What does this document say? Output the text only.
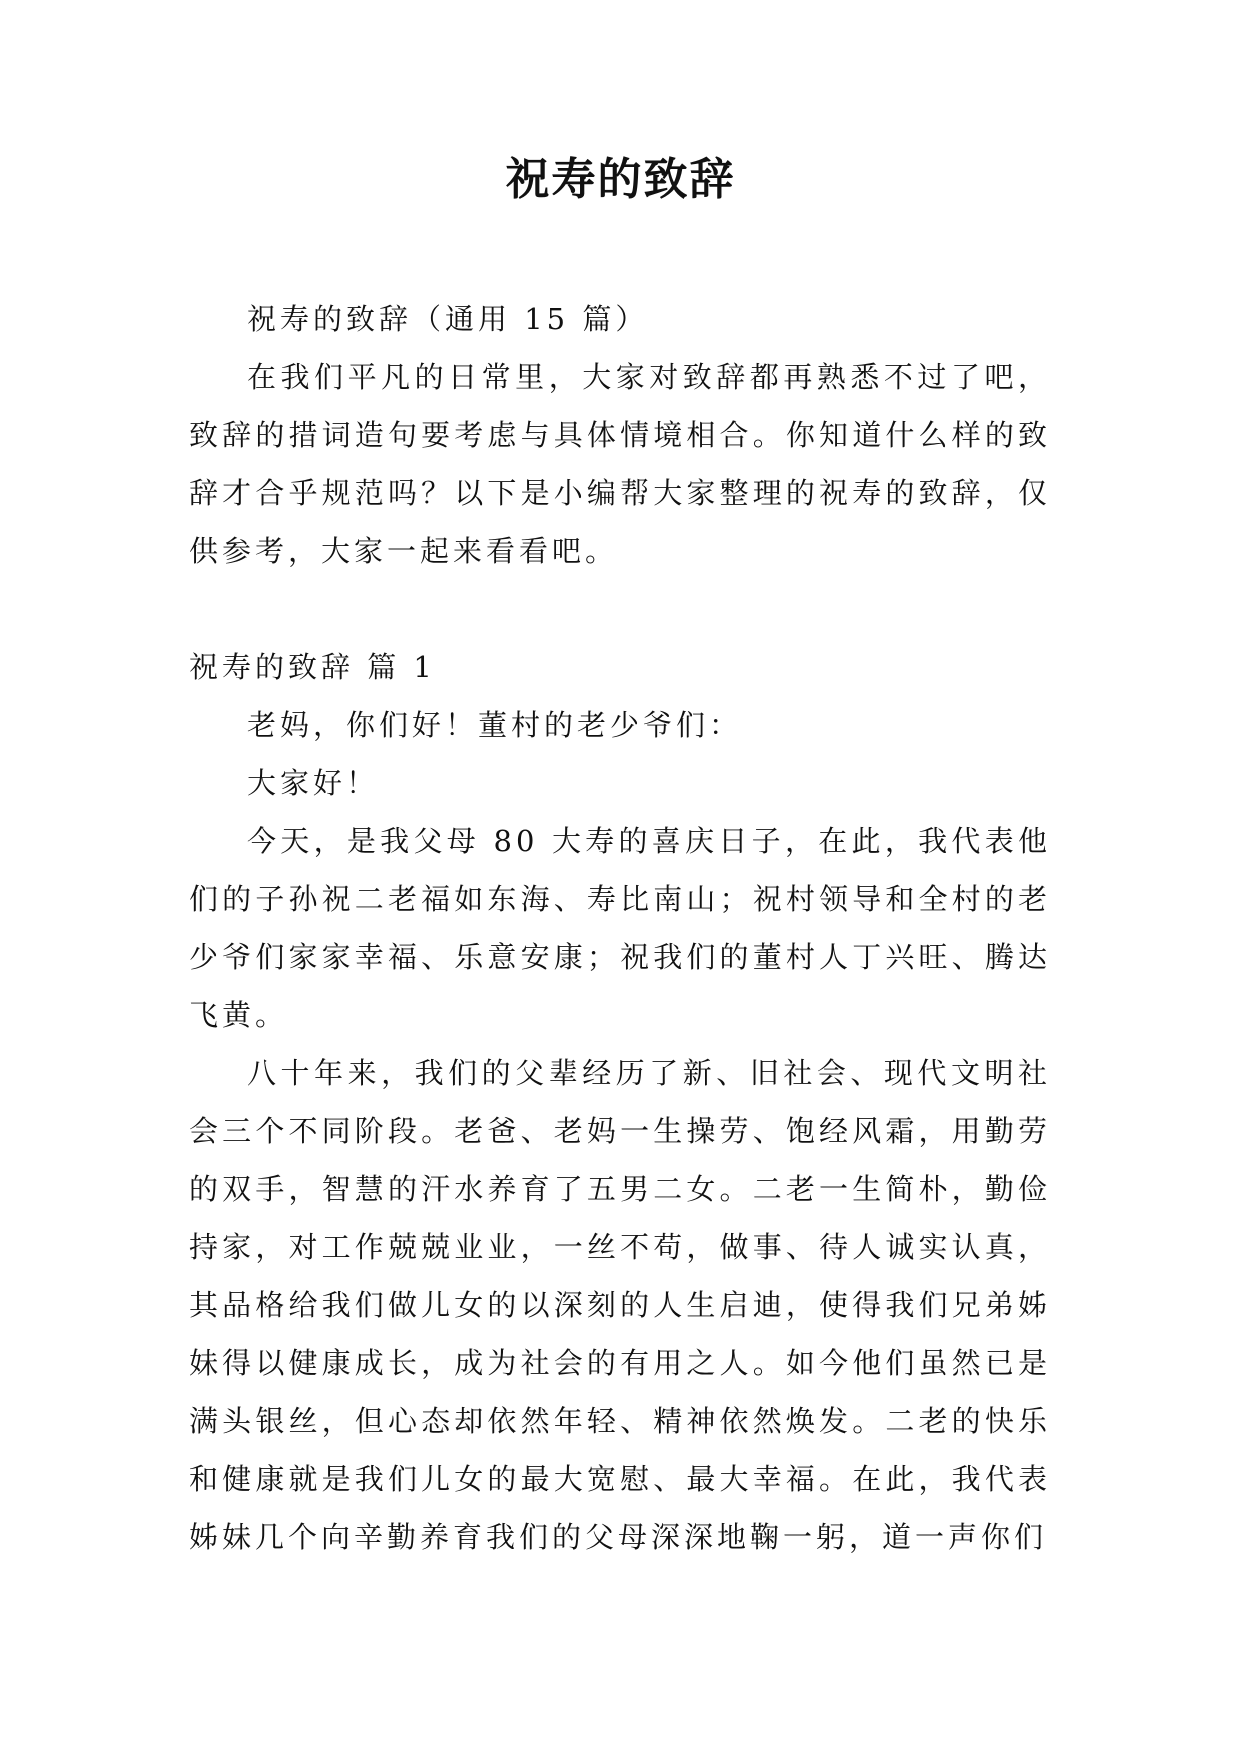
祝寿的致辞

祝寿的致辞（通用 15 篇）

在我们平凡的日常里，大家对致辞都再熟悉不过了吧，致辞的措词造句要考虑与具体情境相合。你知道什么样的致辞才合乎规范吗？以下是小编帮大家整理的祝寿的致辞，仅供参考，大家一起来看看吧。

祝寿的致辞 篇 1

老妈，你们好！董村的老少爷们：

大家好！

今天，是我父母 80 大寿的喜庆日子，在此，我代表他们的子孙祝二老福如东海、寿比南山；祝村领导和全村的老少爷们家家幸福、乐意安康；祝我们的董村人丁兴旺、腾达飞黄。

八十年来，我们的父辈经历了新、旧社会、现代文明社会三个不同阶段。老爸、老妈一生操劳、饱经风霜，用勤劳的双手，智慧的汗水养育了五男二女。二老一生简朴，勤俭持家，对工作兢兢业业，一丝不苟，做事、待人诚实认真，其品格给我们做儿女的以深刻的人生启迪，使得我们兄弟姊妹得以健康成长，成为社会的有用之人。如今他们虽然已是满头银丝，但心态却依然年轻、精神依然焕发。二老的快乐和健康就是我们儿女的最大宽慰、最大幸福。在此，我代表姊妹几个向辛勤养育我们的父母深深地鞠一躬，道一声你们
